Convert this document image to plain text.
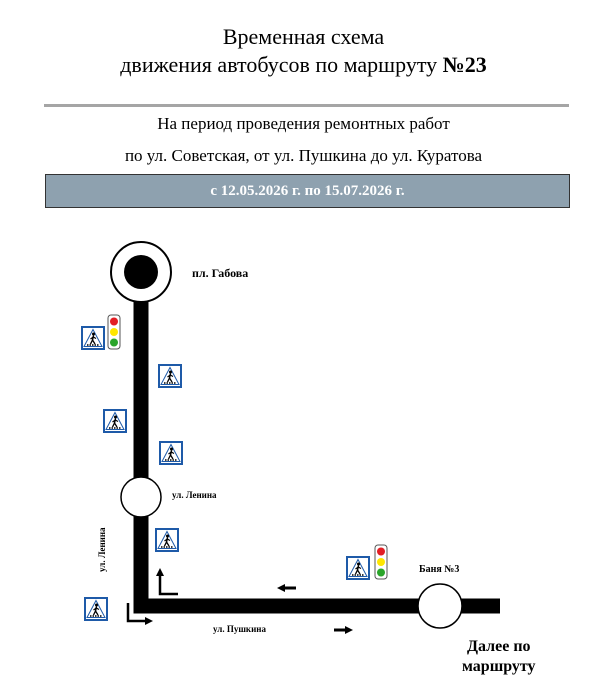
Временная схема
движения автобусов по маршруту №23
На период проведения ремонтных работ
по ул. Советская, от ул. Пушкина до ул. Куратова
с 12.05.2026 г. по 15.07.2026 г.
пл. Габова
ул. Ленина
Баня №3
ул. Ленина
ул. Пушкина
Далее по
маршруту
